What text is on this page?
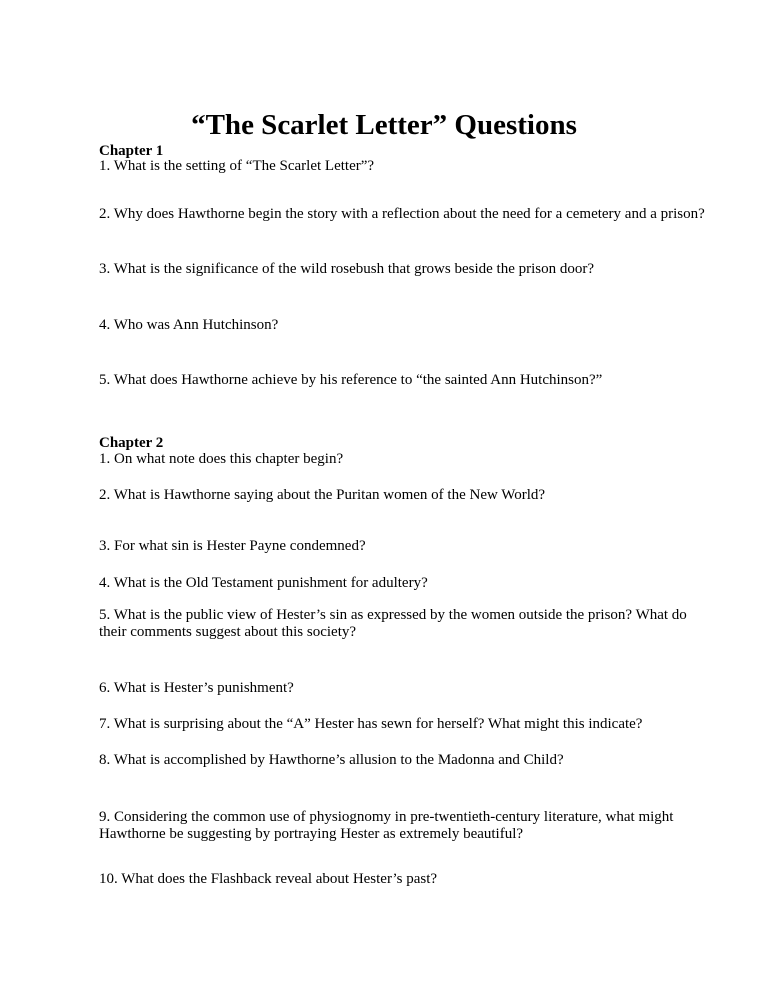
“The Scarlet Letter” Questions
Chapter 1
1. What is the setting of “The Scarlet Letter”?
2. Why does Hawthorne begin the story with a reflection about the need for a cemetery and a prison?
3. What is the significance of the wild rosebush that grows beside the prison door?
4. Who was Ann Hutchinson?
5. What does Hawthorne achieve by his reference to “the sainted Ann Hutchinson?”
Chapter 2
1. On what note does this chapter begin?
2. What is Hawthorne saying about the Puritan women of the New World?
3. For what sin is Hester Payne condemned?
4. What is the Old Testament punishment for adultery?
5. What is the public view of Hester’s sin as expressed by the women outside the prison? What do
their comments suggest about this society?
6. What is Hester’s punishment?
7. What is surprising about the “A” Hester has sewn for herself? What might this indicate?
8. What is accomplished by Hawthorne’s allusion to the Madonna and Child?
9. Considering the common use of physiognomy in pre-twentieth-century literature, what might
Hawthorne be suggesting by portraying Hester as extremely beautiful?
10. What does the Flashback reveal about Hester’s past?
